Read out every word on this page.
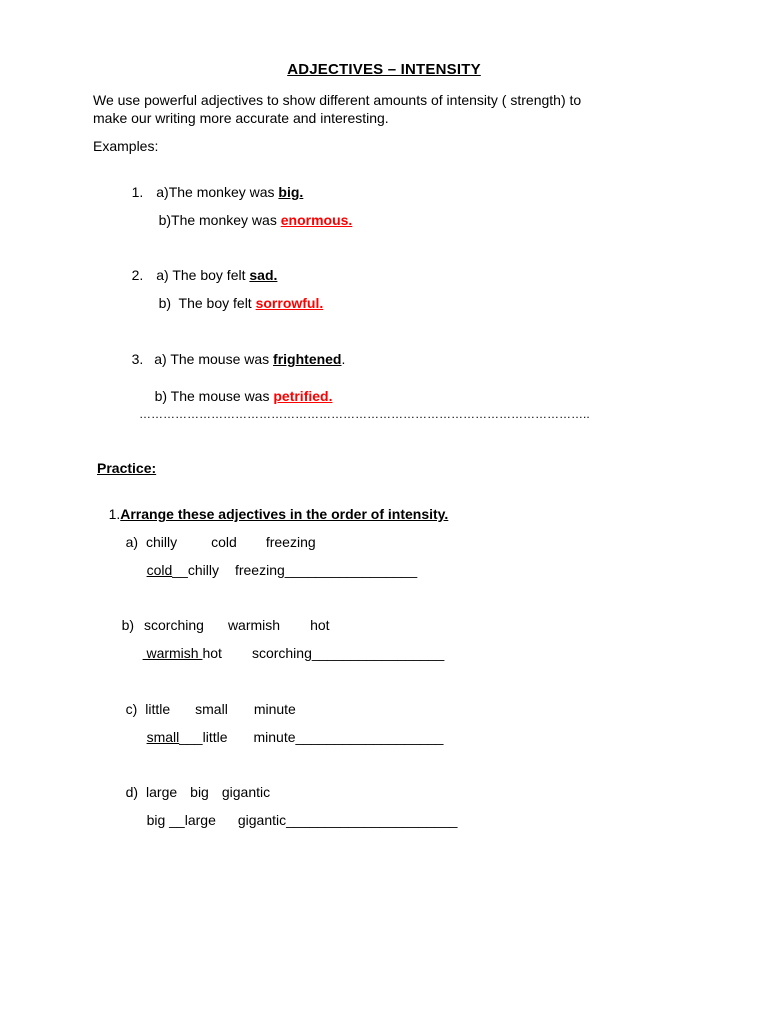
ADJECTIVES – INTENSITY
We use powerful adjectives to show different amounts of intensity ( strength) to
make our writing more accurate and interesting.
Examples:

1. a)The monkey was big.

b)The monkey was enormous.

2. a) The boy felt sad.

b)  The boy felt sorrowful.

3. a) The mouse was frightened.

b) The mouse was petrified.

…………………………………………………………………………………………………..
Practice:

1.Arrange these adjectives in the order of intensity.

a) chilly cold freezing

cold__chilly freezing_________________

b) scorching warmish hot

warmish hot scorching_________________

c) little small minute

small___little minute___________________

d) large big gigantic

big __large gigantic______________________
